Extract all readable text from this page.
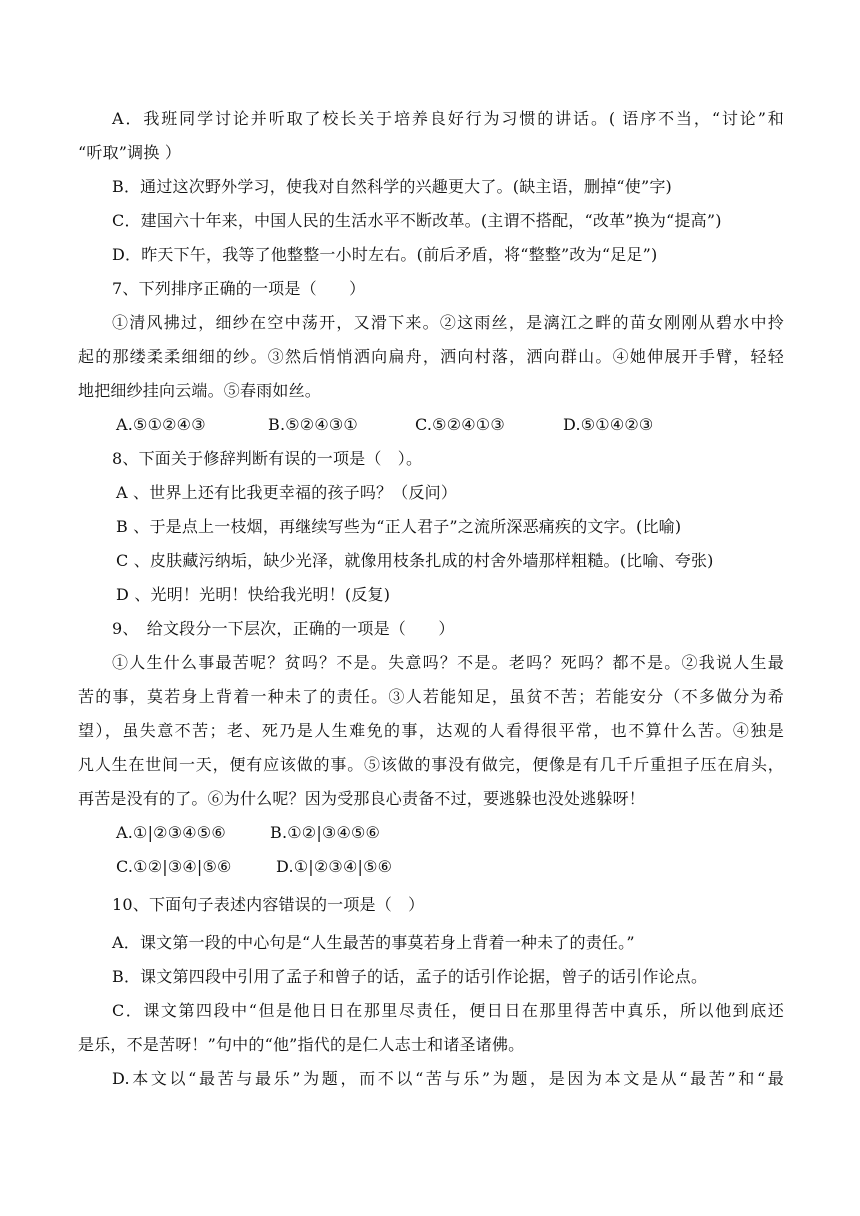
A．我班同学讨论并听取了校长关于培养良好行为习惯的讲话。( 语序不当，“讨论”和
“听取”调换 ）
B．通过这次野外学习，使我对自然科学的兴趣更大了。(缺主语，删掉“使”字)
C．建国六十年来，中国人民的生活水平不断改革。(主谓不搭配，“改革”换为“提高”)
D．昨天下午，我等了他整整一小时左右。(前后矛盾，将“整整”改为“足足”)
7、下列排序正确的一项是（　　）
①清风拂过，细纱在空中荡开，又滑下来。②这雨丝，是漓江之畔的苗女刚刚从碧水中拎
起的那缕柔柔细细的纱。③然后悄悄洒向扁舟，洒向村落，洒向群山。④她伸展开手臂，轻轻
地把细纱挂向云端。⑤春雨如丝。
A.⑤①②④③	B.⑤②④③①	C.⑤②④①③	D.⑤①④②③
8、下面关于修辞判断有误的一项是（　）。
A 、世界上还有比我更幸福的孩子吗？（反问）
B 、于是点上一枝烟，再继续写些为“正人君子”之流所深恶痛疾的文字。(比喻)
C 、皮肤藏污纳垢，缺少光泽，就像用枝条扎成的村舍外墙那样粗糙。(比喻、夸张)
D 、光明！光明！快给我光明！(反复)
9、　给文段分一下层次，正确的一项是（　　）
①人生什么事最苦呢？贫吗？不是。失意吗？不是。老吗？死吗？都不是。②我说人生最
苦的事，莫若身上背着一种未了的责任。③人若能知足，虽贫不苦；若能安分（不多做分为希
望），虽失意不苦；老、死乃是人生难免的事，达观的人看得很平常，也不算什么苦。④独是
凡人生在世间一天，便有应该做的事。⑤该做的事没有做完，便像是有几千斤重担子压在肩头，
再苦是没有的了。⑥为什么呢？因为受那良心责备不过，要逃躲也没处逃躲呀！
A.①|②③④⑤⑥	B.①②|③④⑤⑥
C.①②|③④|⑤⑥	D.①|②③④|⑤⑥
10、下面句子表述内容错误的一项是（　）
A．课文第一段的中心句是“人生最苦的事莫若身上背着一种未了的责任。”
B．课文第四段中引用了孟子和曾子的话，孟子的话引作论据，曾子的话引作论点。
C．课文第四段中“但是他日日在那里尽责任，便日日在那里得苦中真乐，所以他到底还
是乐，不是苦呀！”句中的“他”指代的是仁人志士和诸圣诸佛。
D.本文以“最苦与最乐”为题，而不以“苦与乐”为题，是因为本文是从“最苦”和“最
